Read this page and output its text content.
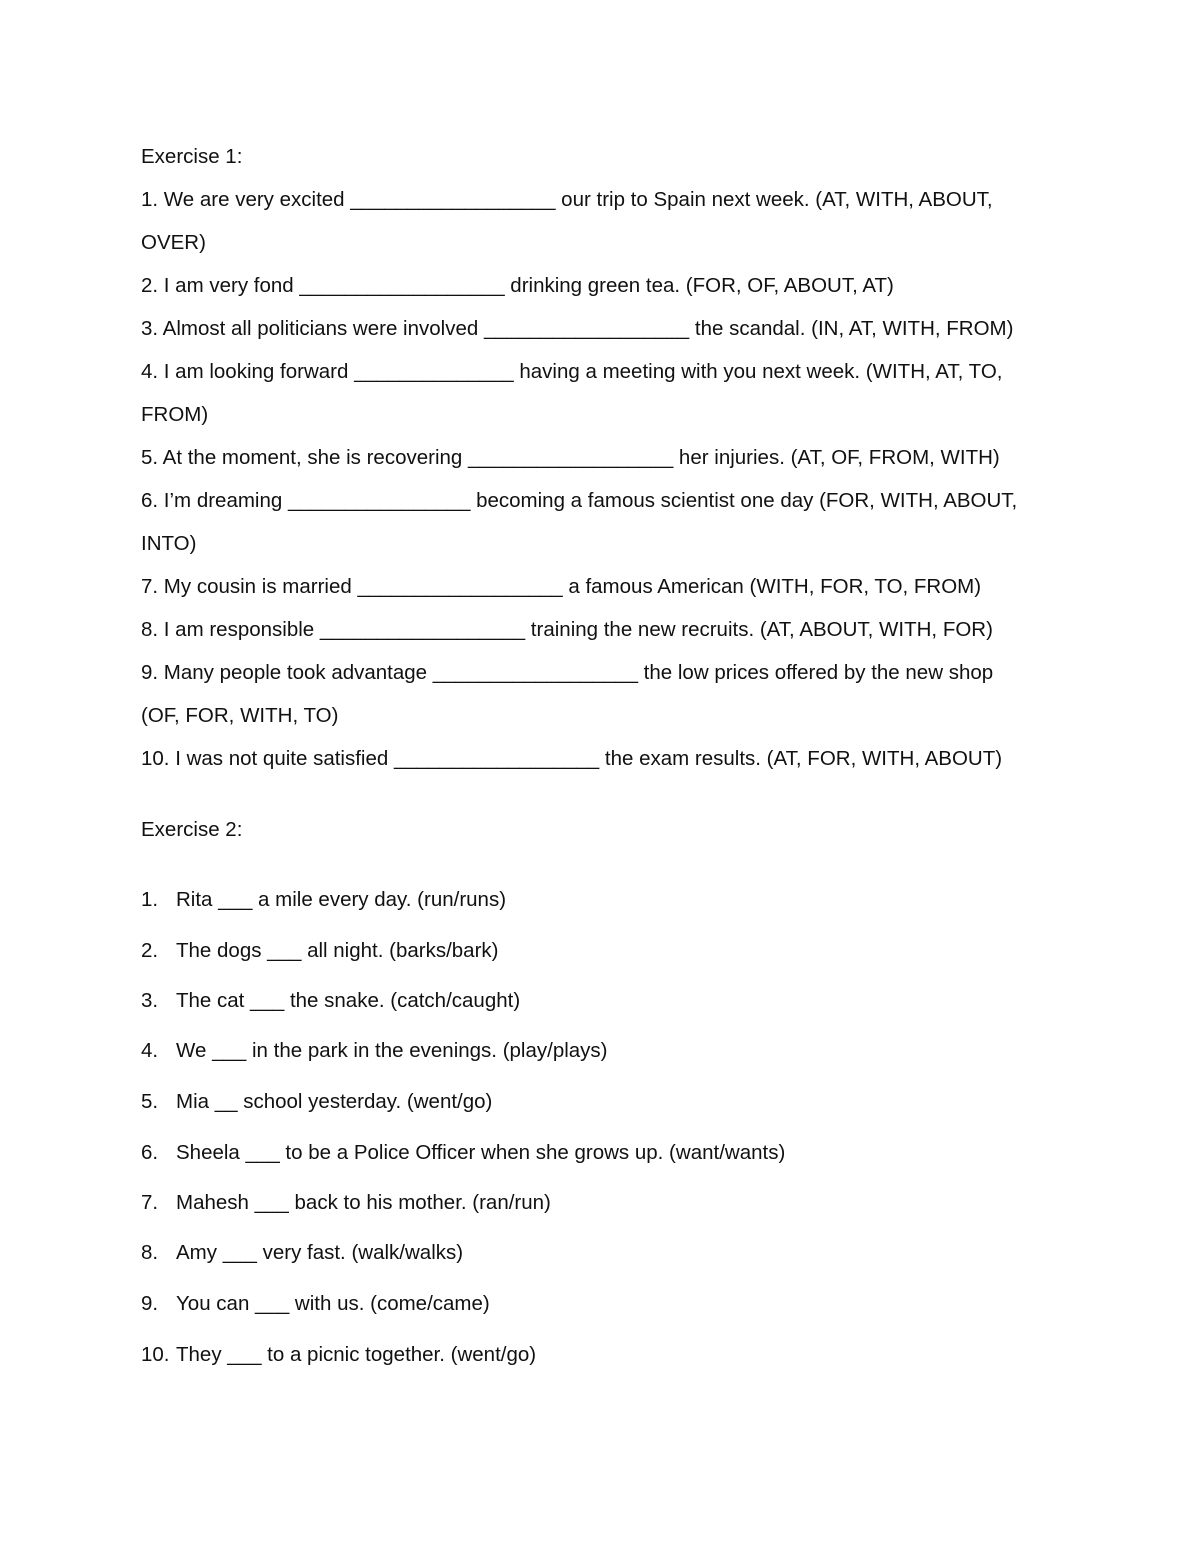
Exercise 1:
1. We are very excited __________________ our trip to Spain next week. (AT, WITH, ABOUT,
OVER)
2. I am very fond __________________ drinking green tea. (FOR, OF, ABOUT, AT)
3. Almost all politicians were involved __________________ the scandal. (IN, AT, WITH, FROM)
4. I am looking forward ______________ having a meeting with you next week. (WITH, AT, TO,
FROM)
5. At the moment, she is recovering __________________ her injuries. (AT, OF, FROM, WITH)
6. I’m dreaming ________________ becoming a famous scientist one day (FOR, WITH, ABOUT,
INTO)
7. My cousin is married __________________ a famous American (WITH, FOR, TO, FROM)
8. I am responsible __________________ training the new recruits. (AT, ABOUT, WITH, FOR)
9. Many people took advantage __________________ the low prices offered by the new shop
(OF, FOR, WITH, TO)
10. I was not quite satisfied __________________ the exam results. (AT, FOR, WITH, ABOUT)
Exercise 2:
1. Rita ___ a mile every day. (run/runs)
2. The dogs ___ all night. (barks/bark)
3. The cat ___ the snake. (catch/caught)
4. We ___ in the park in the evenings. (play/plays)
5. Mia __ school yesterday. (went/go)
6. Sheela ___ to be a Police Officer when she grows up. (want/wants)
7. Mahesh ___ back to his mother. (ran/run)
8. Amy ___ very fast. (walk/walks)
9. You can ___ with us. (come/came)
10. They ___ to a picnic together. (went/go)
